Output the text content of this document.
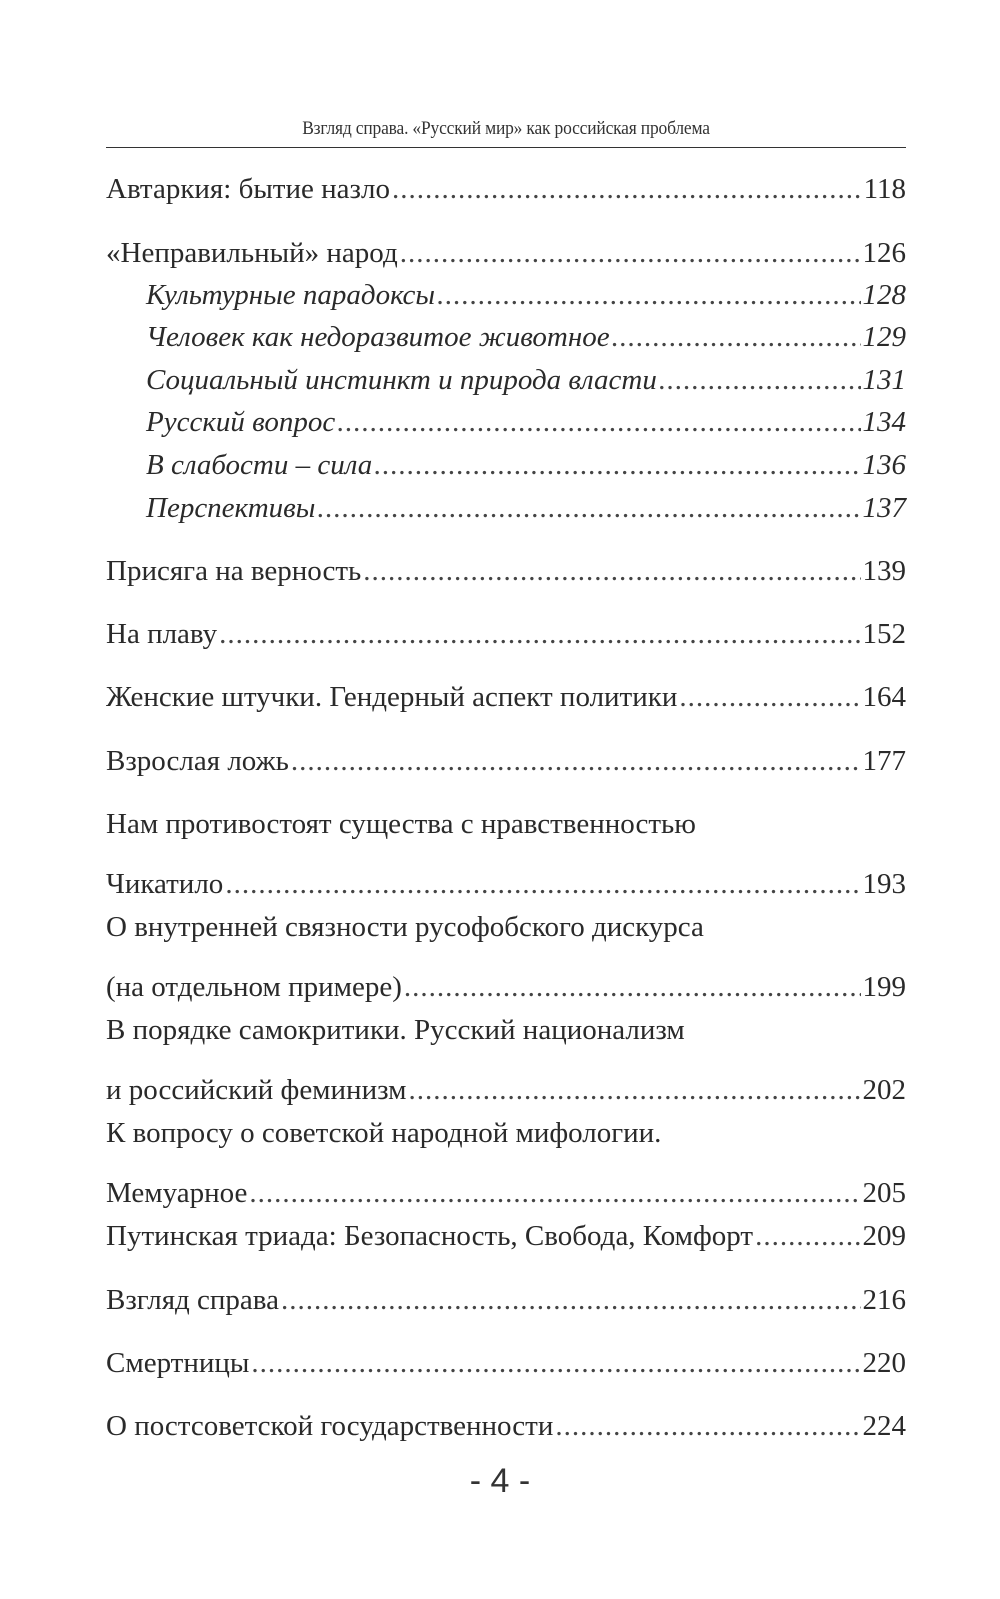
Взгляд справа. «Русский мир» как российская проблема
Автаркия: бытие назло .....	118
«Неправильный» народ .....	126
Культурные парадоксы .....	128
Человек как недоразвитое животное .....	129
Социальный инстинкт и природа власти .....	131
Русский вопрос .....	134
В слабости – сила .....	136
Перспективы .....	137
Присяга на верность .....	139
На плаву .....	152
Женские штучки. Гендерный аспект политики .....	164
Взрослая ложь .....	177
Нам противостоят существа с нравственностью
Чикатило .....	193
О внутренней связности русофобского дискурса
(на отдельном примере) .....	199
В порядке самокритики. Русский национализм
и российский феминизм .....	202
К вопросу о советской народной мифологии.
Мемуарное .....	205
Путинская триада: Безопасность, Свобода, Комфорт .....	209
Взгляд справа .....	216
Смертницы .....	220
О постсоветской государственности .....	224
- 4 -
